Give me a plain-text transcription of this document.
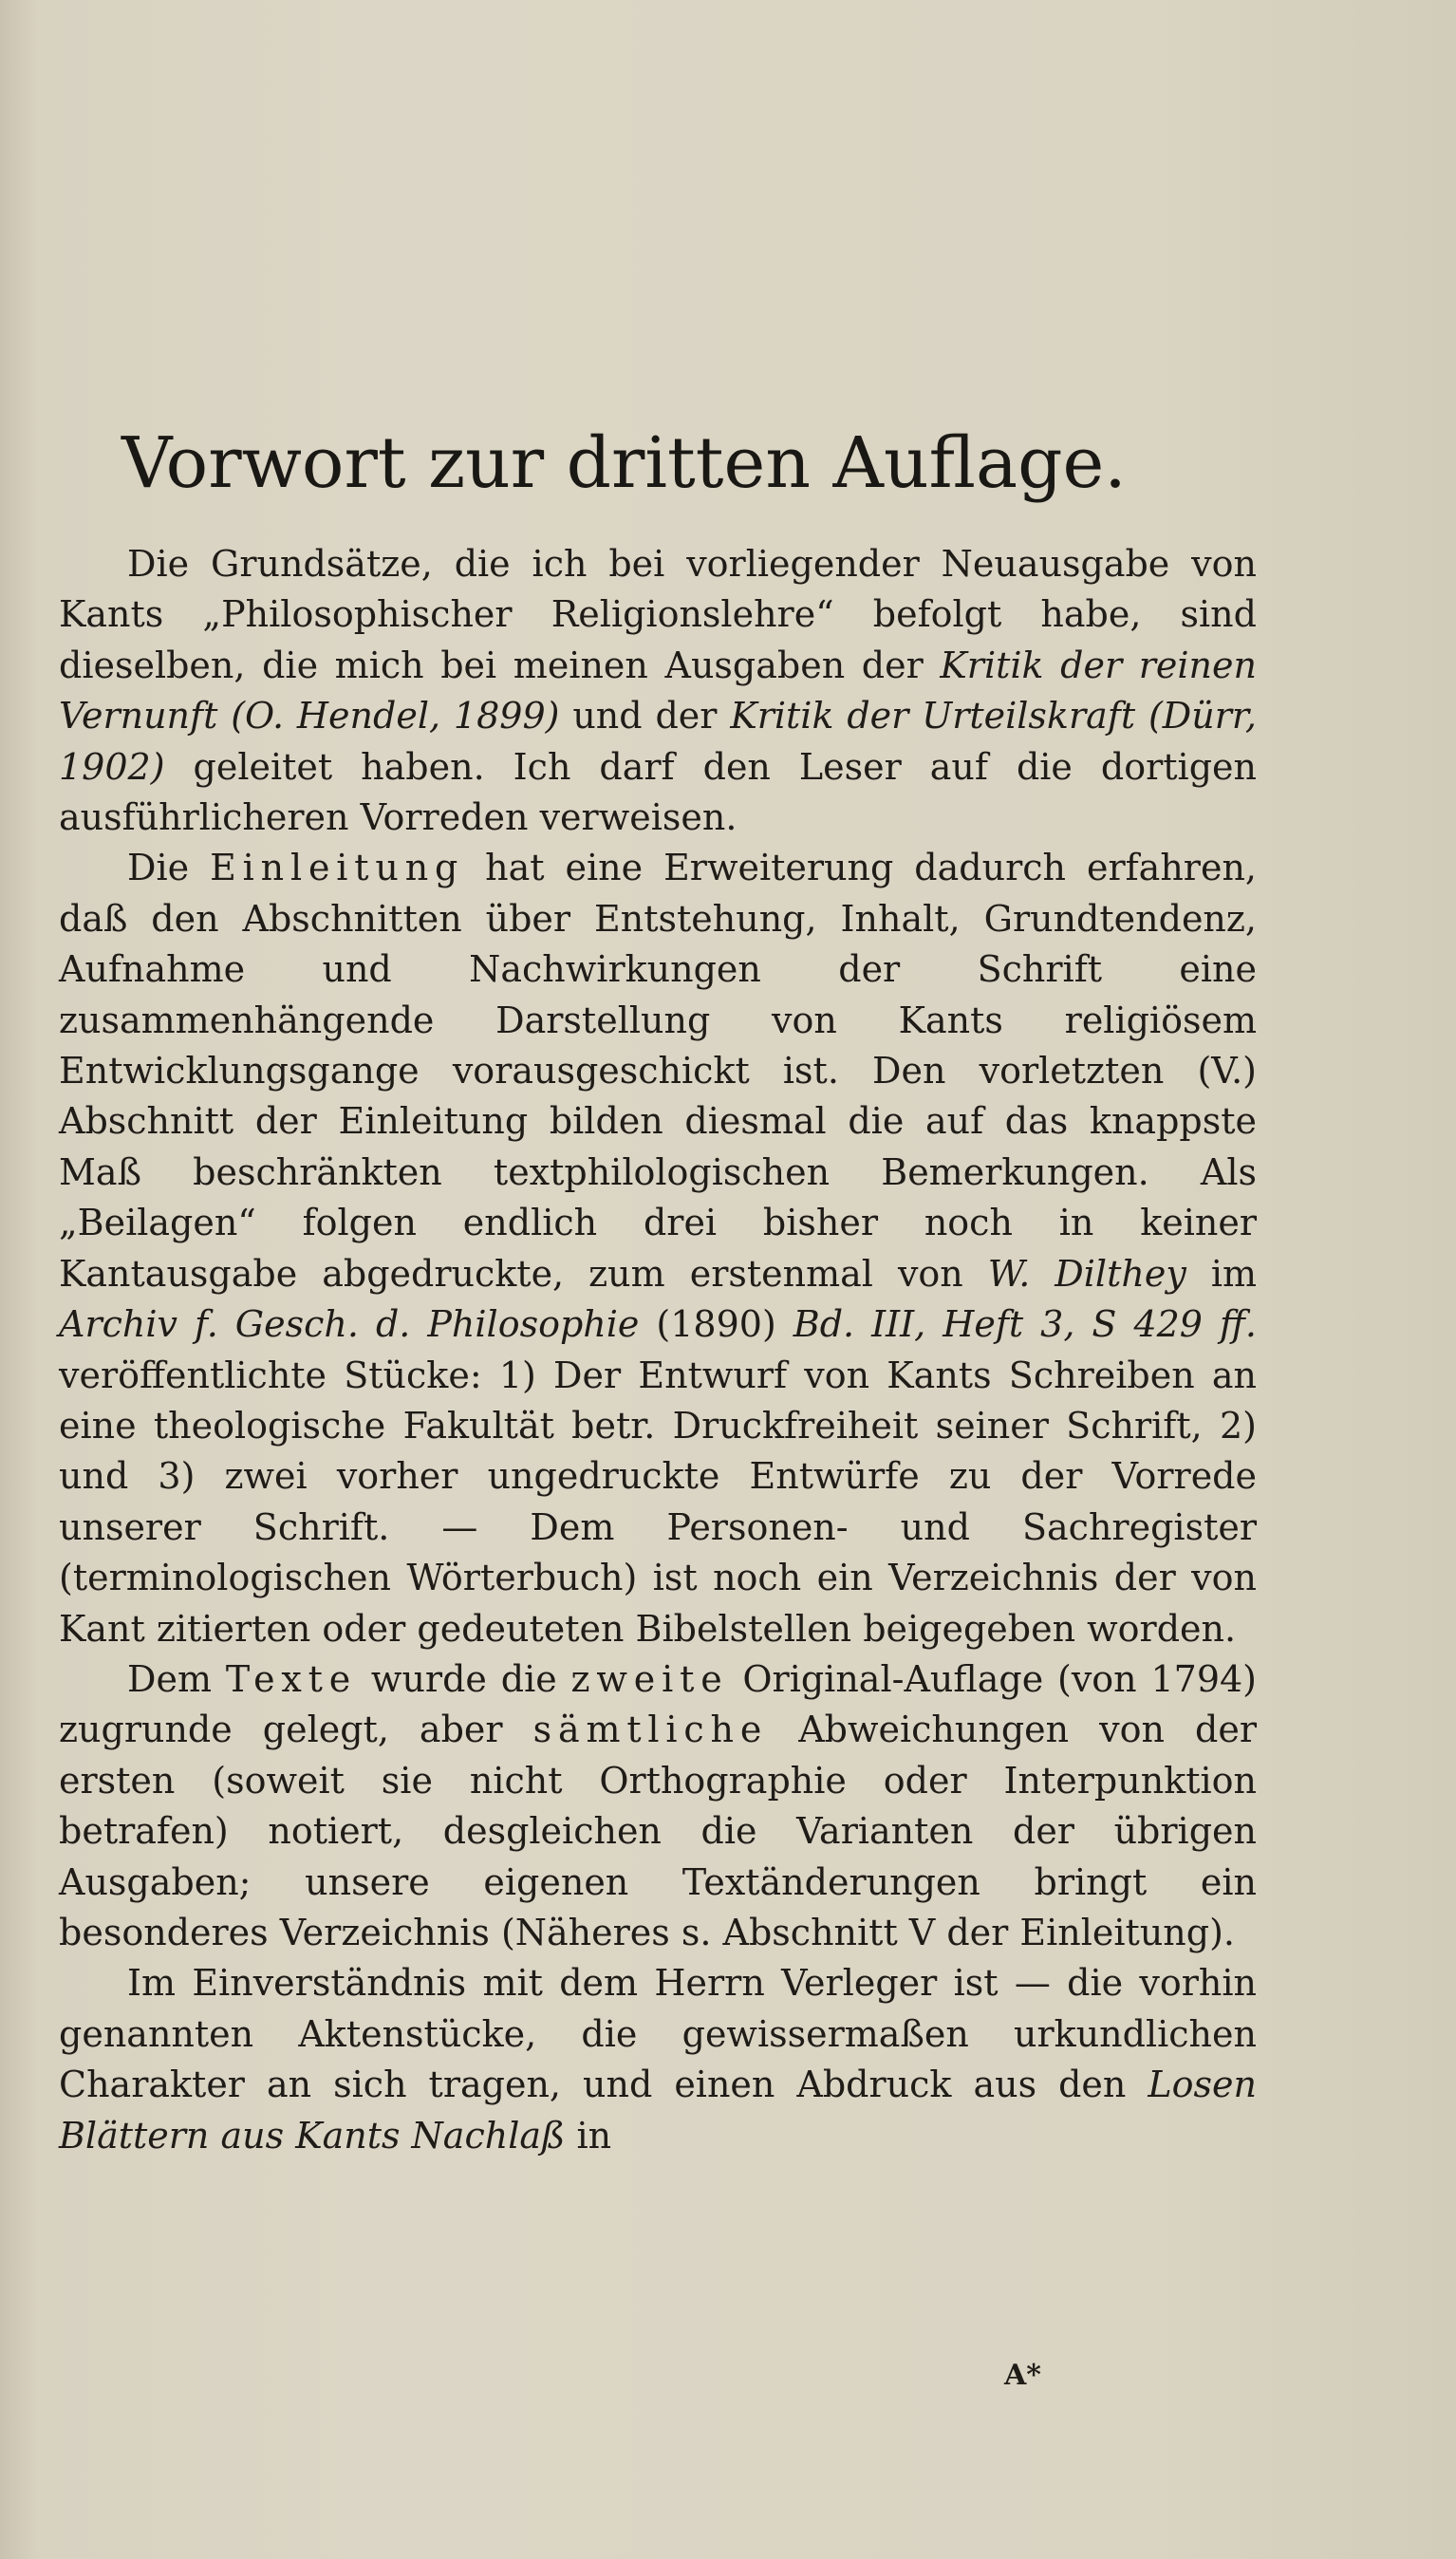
Vorwort zur dritten Auflage.

Die Grundsätze, die ich bei vorliegender Neuausgabe von Kants „Philosophischer Religionslehre“ befolgt habe, sind dieselben, die mich bei meinen Ausgaben der Kritik der reinen Vernunft (O. Hendel, 1899) und der Kritik der Urteilskraft (Dürr, 1902) geleitet haben. Ich darf den Leser auf die dortigen ausführlicheren Vorreden verweisen.

Die Einleitung hat eine Erweiterung dadurch erfahren, daß den Abschnitten über Entstehung, Inhalt, Grundtendenz, Aufnahme und Nachwirkungen der Schrift eine zusammenhängende Darstellung von Kants religiösem Entwicklungsgange vorausgeschickt ist. Den vorletzten (V.) Abschnitt der Einleitung bilden diesmal die auf das knappste Maß beschränkten textphilologischen Bemerkungen. Als „Beilagen“ folgen endlich drei bisher noch in keiner Kantausgabe abgedruckte, zum erstenmal von W. Dilthey im Archiv f. Gesch. d. Philosophie (1890) Bd. III, Heft 3, S 429 ff. veröffentlichte Stücke: 1) Der Entwurf von Kants Schreiben an eine theologische Fakultät betr. Druckfreiheit seiner Schrift, 2) und 3) zwei vorher ungedruckte Entwürfe zu der Vorrede unserer Schrift. — Dem Personen- und Sachregister (terminologischen Wörterbuch) ist noch ein Verzeichnis der von Kant zitierten oder gedeuteten Bibelstellen beigegeben worden.

Dem Texte wurde die zweite Original-Auflage (von 1794) zugrunde gelegt, aber sämtliche Abweichungen von der ersten (soweit sie nicht Orthographie oder Interpunktion betrafen) notiert, desgleichen die Varianten der übrigen Ausgaben; unsere eigenen Textänderungen bringt ein besonderes Verzeichnis (Näheres s. Abschnitt V der Einleitung).

Im Einverständnis mit dem Herrn Verleger ist — die vorhin genannten Aktenstücke, die gewissermaßen urkundlichen Charakter an sich tragen, und einen Abdruck aus den Losen Blättern aus Kants Nachlaß in

A*
